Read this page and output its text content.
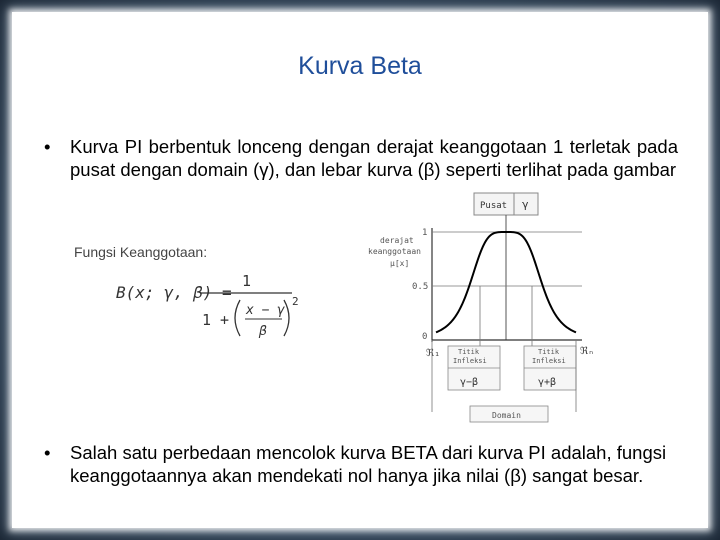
Kurva Beta
• Kurva PI berbentuk lonceng dengan derajat keanggotaan 1 terletak pada pusat dengan domain (γ), dan lebar kurva (β) seperti terlihat pada gambar
Fungsi Keanggotaan:
B(x; γ, β) =
1
1 +
x − γ
β
2
Pusat γ
derajat
keanggotaan
μ[x]
1
0.5
0
ℜ₁	ℜₙ
Titik
Infleksi
γ−β
Titik
Infleksi
γ+β
Domain
• Salah satu perbedaan mencolok kurva BETA dari kurva PI adalah, fungsi keanggotaannya akan mendekati nol hanya jika nilai (β) sangat besar.
